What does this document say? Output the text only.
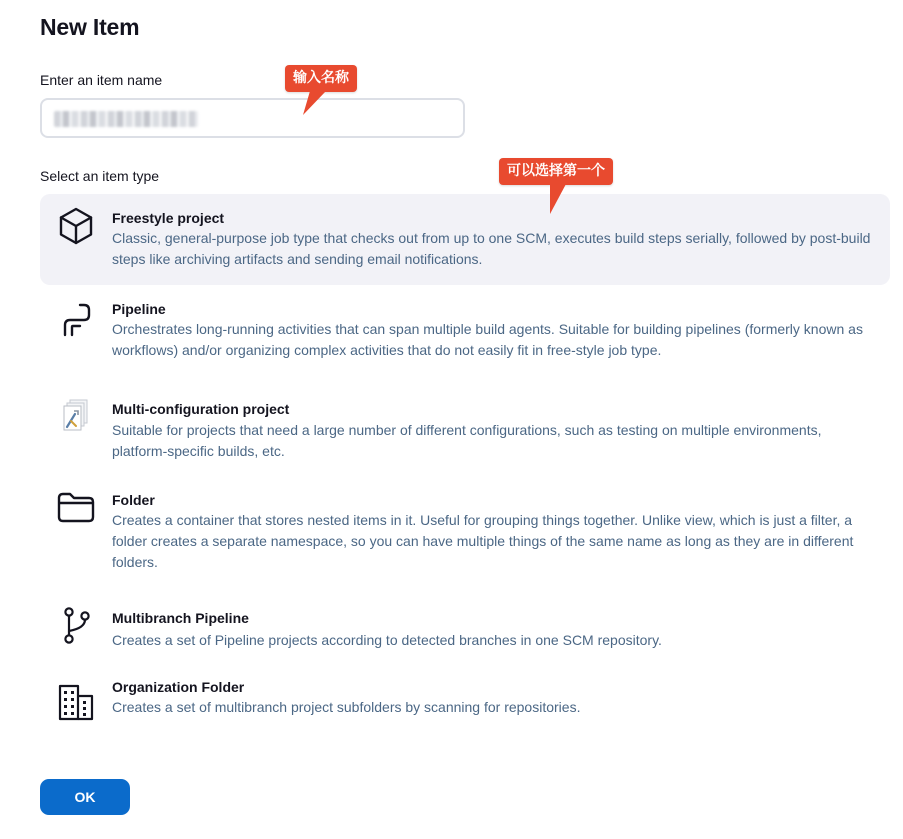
New Item
Enter an item name
Select an item type
Freestyle project
Classic, general-purpose job type that checks out from up to one SCM, executes build steps serially, followed by post-build steps like archiving artifacts and sending email notifications.
Pipeline
Orchestrates long-running activities that can span multiple build agents. Suitable for building pipelines (formerly known as workflows) and/or organizing complex activities that do not easily fit in free-style job type.
Multi-configuration project
Suitable for projects that need a large number of different configurations, such as testing on multiple environments, platform-specific builds, etc.
Folder
Creates a container that stores nested items in it. Useful for grouping things together. Unlike view, which is just a filter, a folder creates a separate namespace, so you can have multiple things of the same name as long as they are in different folders.
Multibranch Pipeline
Creates a set of Pipeline projects according to detected branches in one SCM repository.
Organization Folder
Creates a set of multibranch project subfolders by scanning for repositories.
OK
输入名称
可以选择第一个
